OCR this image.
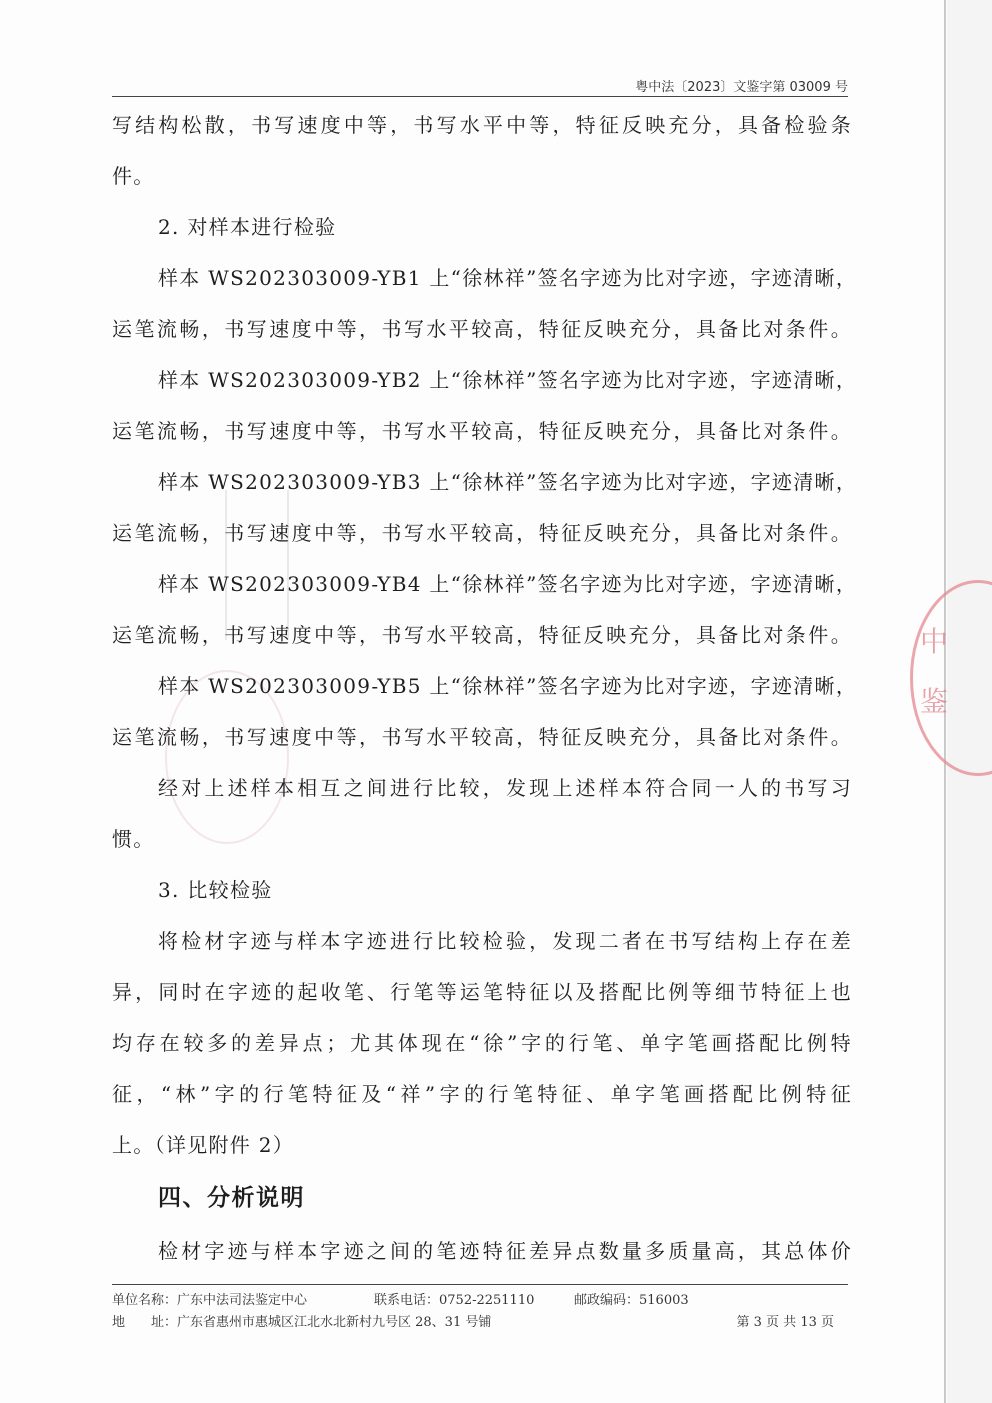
中
鉴
粤中法〔2023〕文鉴字第 03009 号
写结构松散，书写速度中等，书写水平中等，特征反映充分，具备检验条
件。
2. 对样本进行检验
样本 WS202303009-YB1 上“徐林祥”签名字迹为比对字迹，字迹清晰，
运笔流畅，书写速度中等，书写水平较高，特征反映充分，具备比对条件。
样本 WS202303009-YB2 上“徐林祥”签名字迹为比对字迹，字迹清晰，
运笔流畅，书写速度中等，书写水平较高，特征反映充分，具备比对条件。
样本 WS202303009-YB3 上“徐林祥”签名字迹为比对字迹，字迹清晰，
运笔流畅，书写速度中等，书写水平较高，特征反映充分，具备比对条件。
样本 WS202303009-YB4 上“徐林祥”签名字迹为比对字迹，字迹清晰，
运笔流畅，书写速度中等，书写水平较高，特征反映充分，具备比对条件。
样本 WS202303009-YB5 上“徐林祥”签名字迹为比对字迹，字迹清晰，
运笔流畅，书写速度中等，书写水平较高，特征反映充分，具备比对条件。
经对上述样本相互之间进行比较，发现上述样本符合同一人的书写习
惯。
3. 比较检验
将检材字迹与样本字迹进行比较检验，发现二者在书写结构上存在差
异，同时在字迹的起收笔、行笔等运笔特征以及搭配比例等细节特征上也
均存在较多的差异点；尤其体现在“徐”字的行笔、单字笔画搭配比例特
征，“林”字的行笔特征及“祥”字的行笔特征、单字笔画搭配比例特征
上。（详见附件 2）
四、分析说明
检材字迹与样本字迹之间的笔迹特征差异点数量多质量高，其总体价
单位名称：广东中法司法鉴定中心	联系电话：0752-2251110	邮政编码：516003
地　　址：广东省惠州市惠城区江北水北新村九号区 28、31 号铺	第 3 页 共 13 页
